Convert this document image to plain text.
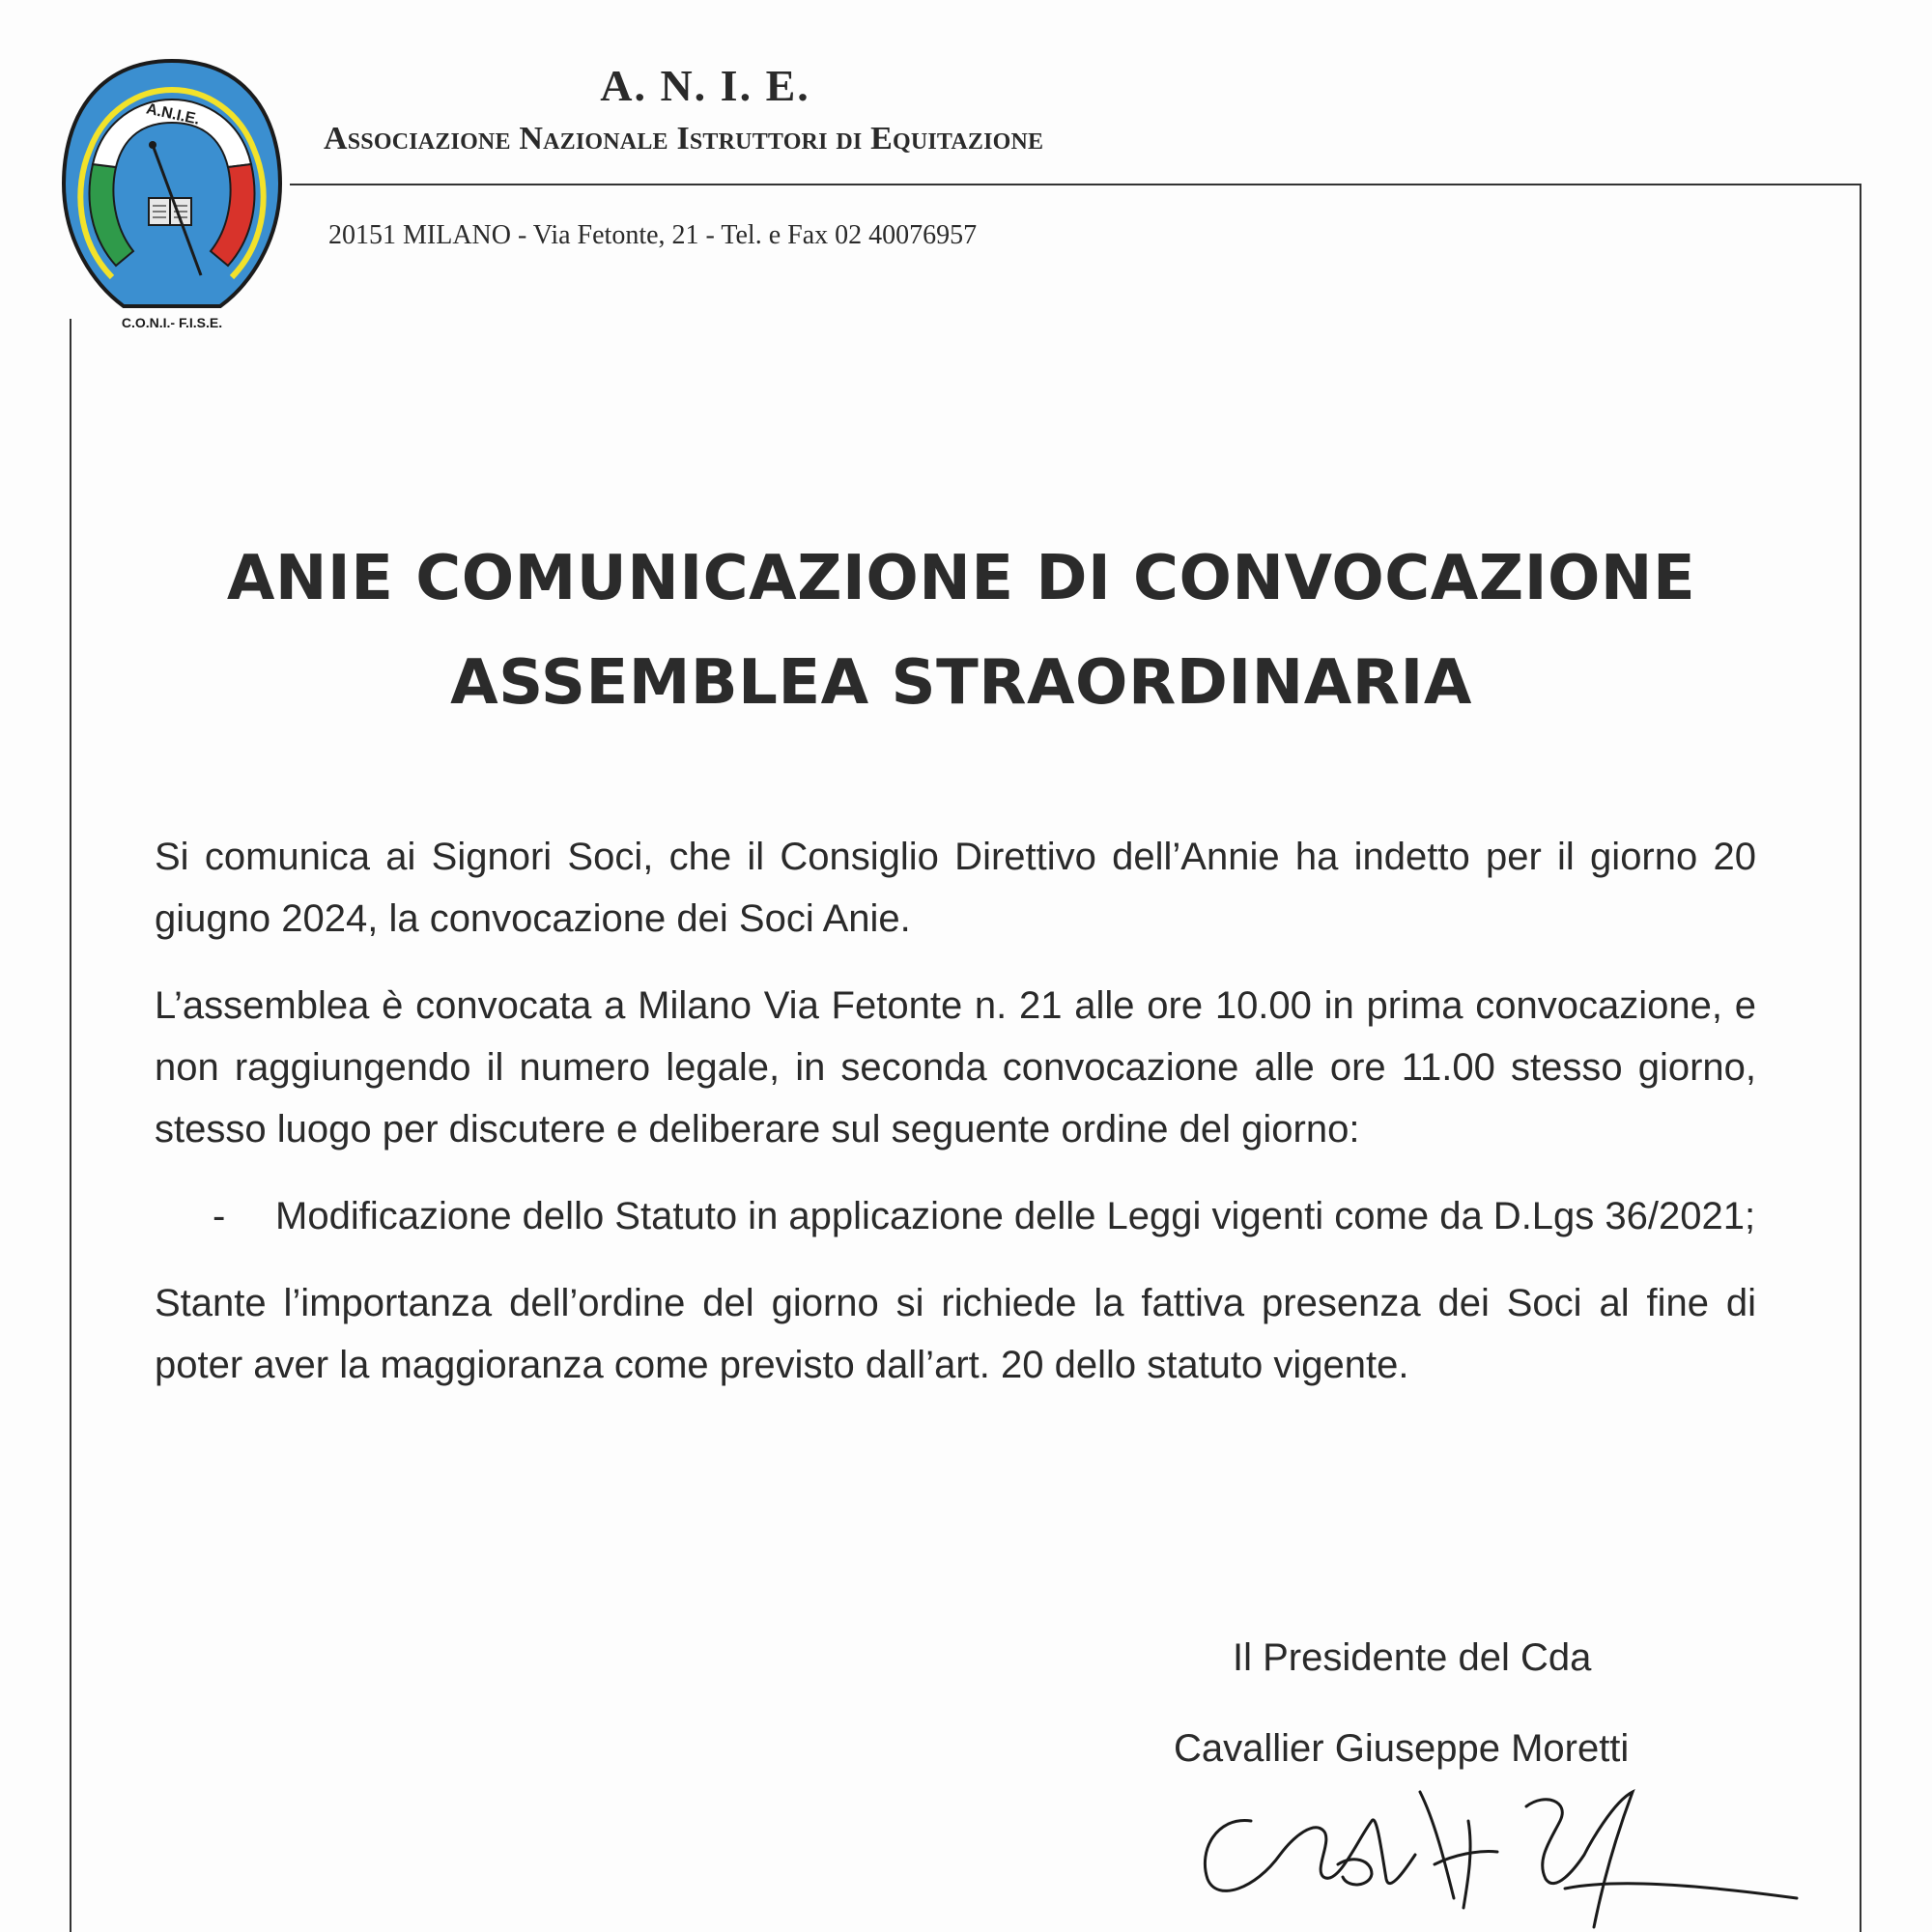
A.N.I.E.
C.O.N.I.- F.I.S.E.
A. N. I. E.
Associazione Nazionale Istruttori di Equitazione
20151 MILANO - Via Fetonte, 21 - Tel. e Fax 02 40076957
ANIE COMUNICAZIONE DI CONVOCAZIONE
ASSEMBLEA STRAORDINARIA

Si comunica ai Signori Soci, che il Consiglio Direttivo dell’Annie ha indetto per il giorno 20 giugno 2024, la convocazione dei Soci Anie.

L’assemblea è convocata a Milano Via Fetonte n. 21 alle ore 10.00 in prima convocazione, e non raggiungendo il numero legale, in seconda convocazione alle ore 11.00 stesso giorno, stesso luogo per discutere e deliberare sul seguente ordine del giorno:

-	Modificazione dello Statuto in applicazione delle Leggi vigenti come da D.Lgs 36/2021;

Stante l’importanza dell’ordine del giorno si richiede la fattiva presenza dei Soci al fine di poter aver la maggioranza come previsto dall’art. 20 dello statuto vigente.

Il Presidente del Cda
Cavallier Giuseppe Moretti
